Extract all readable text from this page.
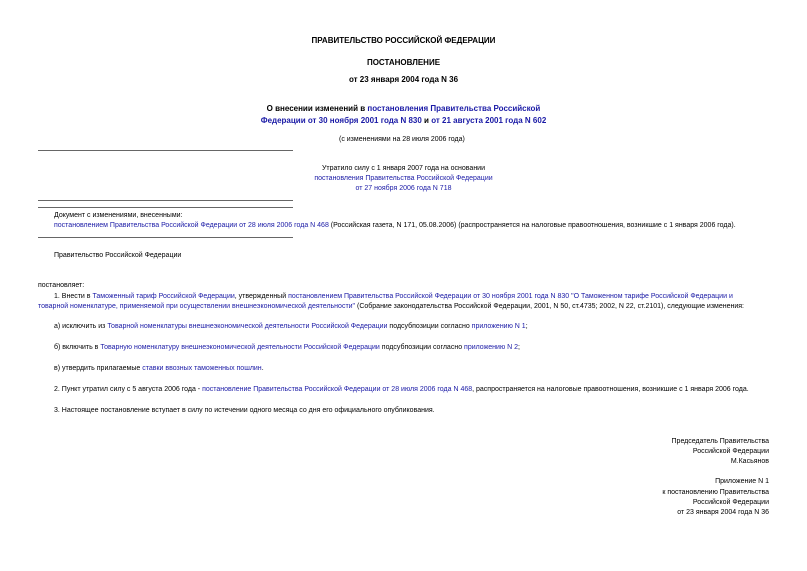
ПРАВИТЕЛЬСТВО РОССИЙСКОЙ ФЕДЕРАЦИИ
ПОСТАНОВЛЕНИЕ
от 23 января 2004 года N 36
О внесении изменений в постановления Правительства Российской
Федерации от 30 ноября 2001 года N 830 и от 21 августа 2001 года N 602
(с изменениями на 28 июля 2006 года)
Утратило силу с 1 января 2007 года на основании
постановления Правительства Российской Федерации
от 27 ноября 2006 года N 718
Документ с изменениями, внесенными:
постановлением Правительства Российской Федерации от 28 июля 2006 года N 468 (Российская газета, N 171, 05.08.2006) (распространяется на налоговые правоотношения, возникшие с 1 января 2006 года).
Правительство Российской Федерации
постановляет:
1. Внести в Таможенный тариф Российской Федерации, утвержденный постановлением Правительства Российской Федерации от 30 ноября 2001 года N 830 "О Таможенном тарифе Российской Федерации и
товарной номенклатуре, применяемой при осуществлении внешнеэкономической деятельности" (Собрание законодательства Российской Федерации, 2001, N 50, ст.4735; 2002, N 22, ст.2101), следующие изменения:
а) исключить из Товарной номенклатуры внешнеэкономической деятельности Российской Федерации подсубпозиции согласно приложению N 1;
б) включить в Товарную номенклатуру внешнеэкономической деятельности Российской Федерации подсубпозиции согласно приложению N 2;
в) утвердить прилагаемые ставки ввозных таможенных пошлин.
2. Пункт утратил силу с 5 августа 2006 года - постановление Правительства Российской Федерации от 28 июля 2006 года N 468, распространяется на налоговые правоотношения, возникшие с 1 января 2006 года.
3. Настоящее постановление вступает в силу по истечении одного месяца со дня его официального опубликования.
Председатель Правительства
Российской Федерации
М.Касьянов
Приложение N 1
к постановлению Правительства
Российской Федерации
от 23 января 2004 года N 36
